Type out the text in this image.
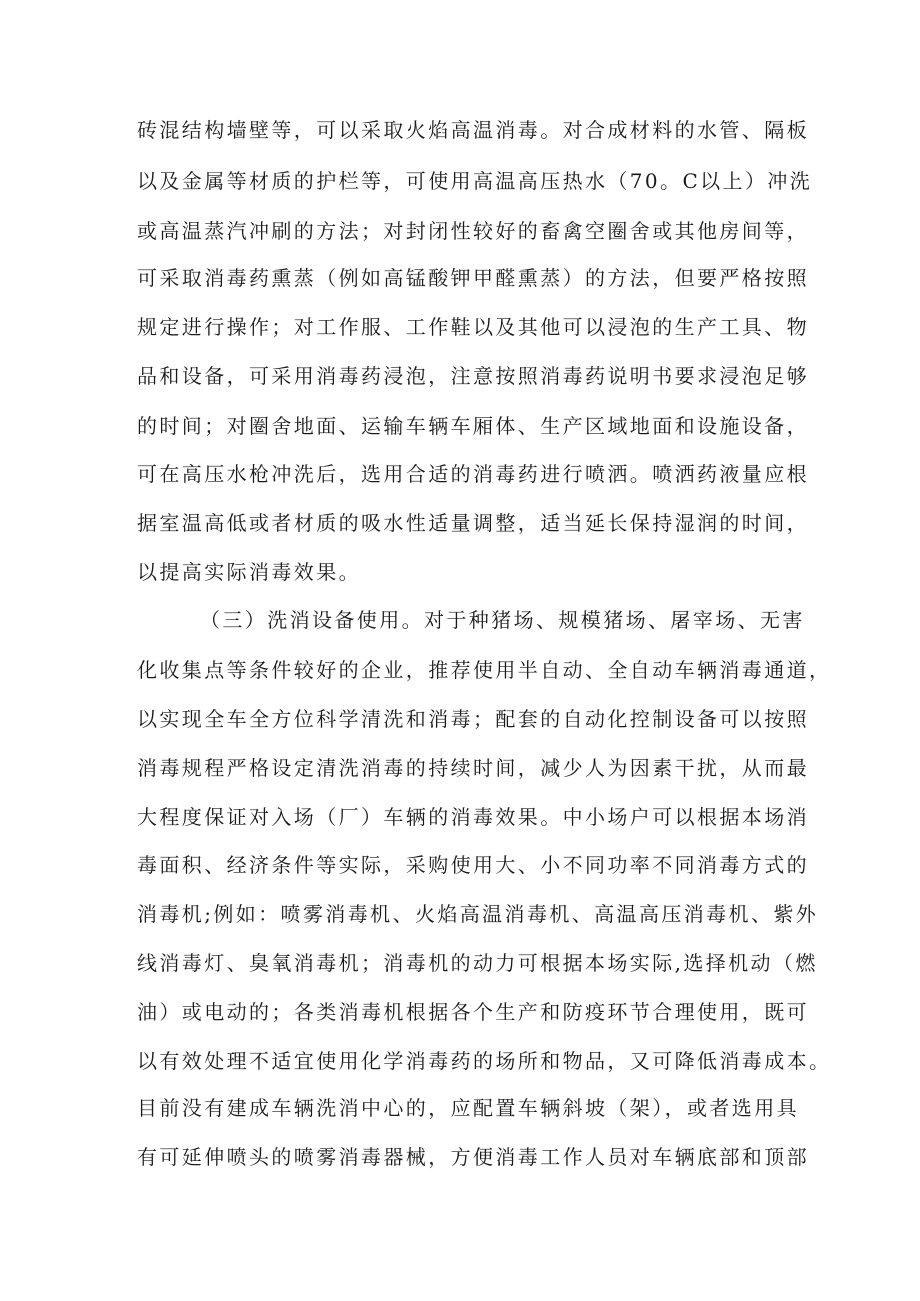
砖混结构墙壁等，可以采取火焰高温消毒。对合成材料的水管、隔板
以及金属等材质的护栏等，可使用高温高压热水（70。C以上）冲洗
或高温蒸汽冲刷的方法；对封闭性较好的畜禽空圈舍或其他房间等，
可采取消毒药熏蒸（例如高锰酸钾甲醛熏蒸）的方法，但要严格按照
规定进行操作；对工作服、工作鞋以及其他可以浸泡的生产工具、物
品和设备，可采用消毒药浸泡，注意按照消毒药说明书要求浸泡足够
的时间；对圈舍地面、运输车辆车厢体、生产区域地面和设施设备，
可在高压水枪冲洗后，选用合适的消毒药进行喷洒。喷洒药液量应根
据室温高低或者材质的吸水性适量调整，适当延长保持湿润的时间，
以提高实际消毒效果。
（三）洗消设备使用。对于种猪场、规模猪场、屠宰场、无害
化收集点等条件较好的企业，推荐使用半自动、全自动车辆消毒通道，
以实现全车全方位科学清洗和消毒；配套的自动化控制设备可以按照
消毒规程严格设定清洗消毒的持续时间，减少人为因素干扰，从而最
大程度保证对入场（厂）车辆的消毒效果。中小场户可以根据本场消
毒面积、经济条件等实际，采购使用大、小不同功率不同消毒方式的
消毒机;例如：喷雾消毒机、火焰高温消毒机、高温高压消毒机、紫外
线消毒灯、臭氧消毒机；消毒机的动力可根据本场实际,选择机动（燃
油）或电动的；各类消毒机根据各个生产和防疫环节合理使用，既可
以有效处理不适宜使用化学消毒药的场所和物品，又可降低消毒成本。
目前没有建成车辆洗消中心的，应配置车辆斜坡（架），或者选用具
有可延伸喷头的喷雾消毒器械，方便消毒工作人员对车辆底部和顶部
